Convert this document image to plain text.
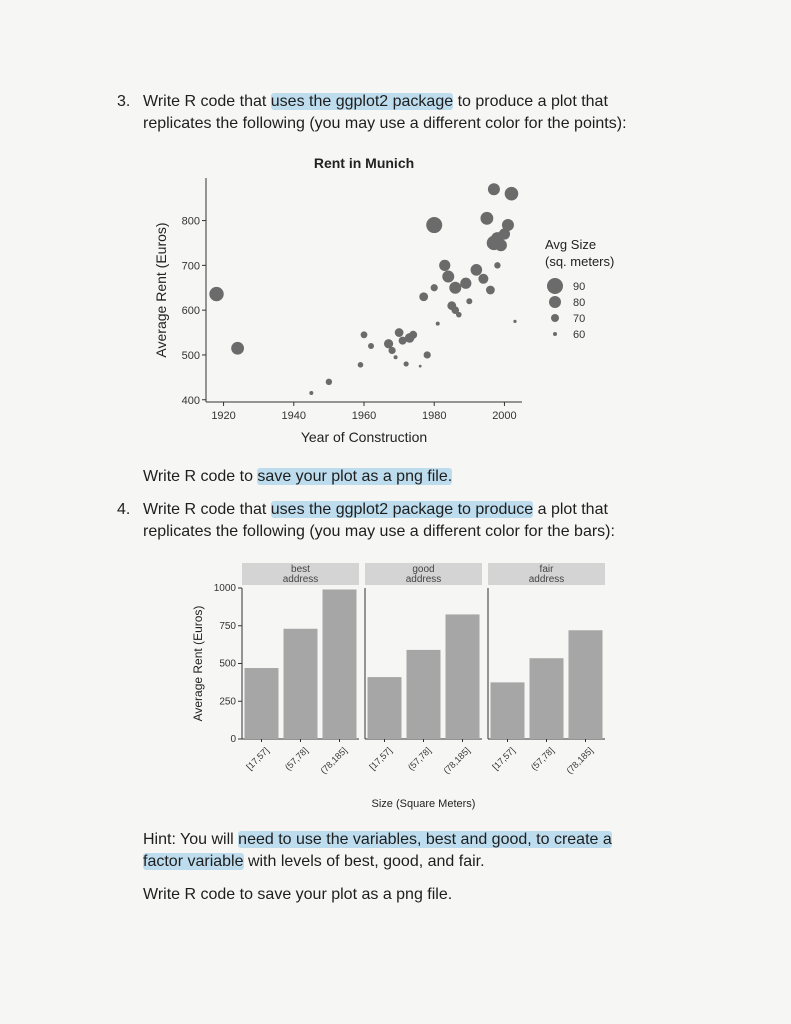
3. Write R code that uses the ggplot2 package to produce a plot that
replicates the following (you may use a different color for the points):
Rent in Munich
400
500
600
700
800
1920	1940	1960	1980	2000
Year of Construction
Average Rent (Euros)	Avg Size
(sq. meters)
90
80
70
60
Write R code to save your plot as a png file.
4. Write R code that uses the ggplot2 package to produce a plot that
replicates the following (you may use a different color for the bars):
0
250
500
750
1000
Average Rent (Euros)
best
address
[17,57] (57,78] (78,185]
good
address
[17,57] (57,78] (78,185]
fair
address
[17,57] (57,78] (78,185]
Size (Square Meters)
Hint: You will need to use the variables, best and good, to create a
factor variable with levels of best, good, and fair.
Write R code to save your plot as a png file.
